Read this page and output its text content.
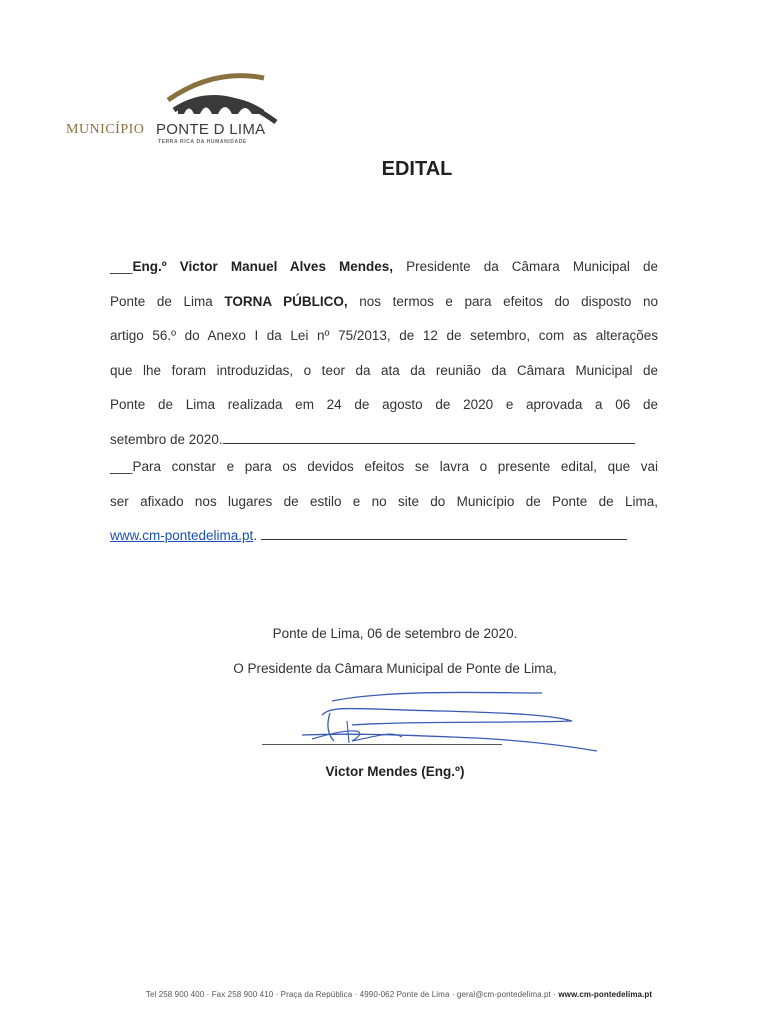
MUNICÍPIO PONTE D LIMA
TERRA RICA DA HUMANIDADE
EDITAL
___Eng.º Victor Manuel Alves Mendes, Presidente da Câmara Municipal de
Ponte de Lima TORNA PÚBLICO, nos termos e para efeitos do disposto no
artigo 56.º do Anexo I da Lei nº 75/2013, de 12 de setembro, com as alterações
que lhe foram introduzidas, o teor da ata da reunião da Câmara Municipal de
Ponte de Lima realizada em 24 de agosto de 2020 e aprovada a 06 de
setembro de 2020.
___Para constar e para os devidos efeitos se lavra o presente edital, que vai
ser afixado nos lugares de estilo e no site do Município de Ponte de Lima,
www.cm-pontedelima.pt.
Ponte de Lima, 06 de setembro de 2020.
O Presidente da Câmara Municipal de Ponte de Lima,
Victor Mendes (Eng.º)
Tel 258 900 400 · Fax 258 900 410 · Praça da República · 4990-062 Ponte de Lima · geral@cm-pontedelima.pt · www.cm-pontedelima.pt
